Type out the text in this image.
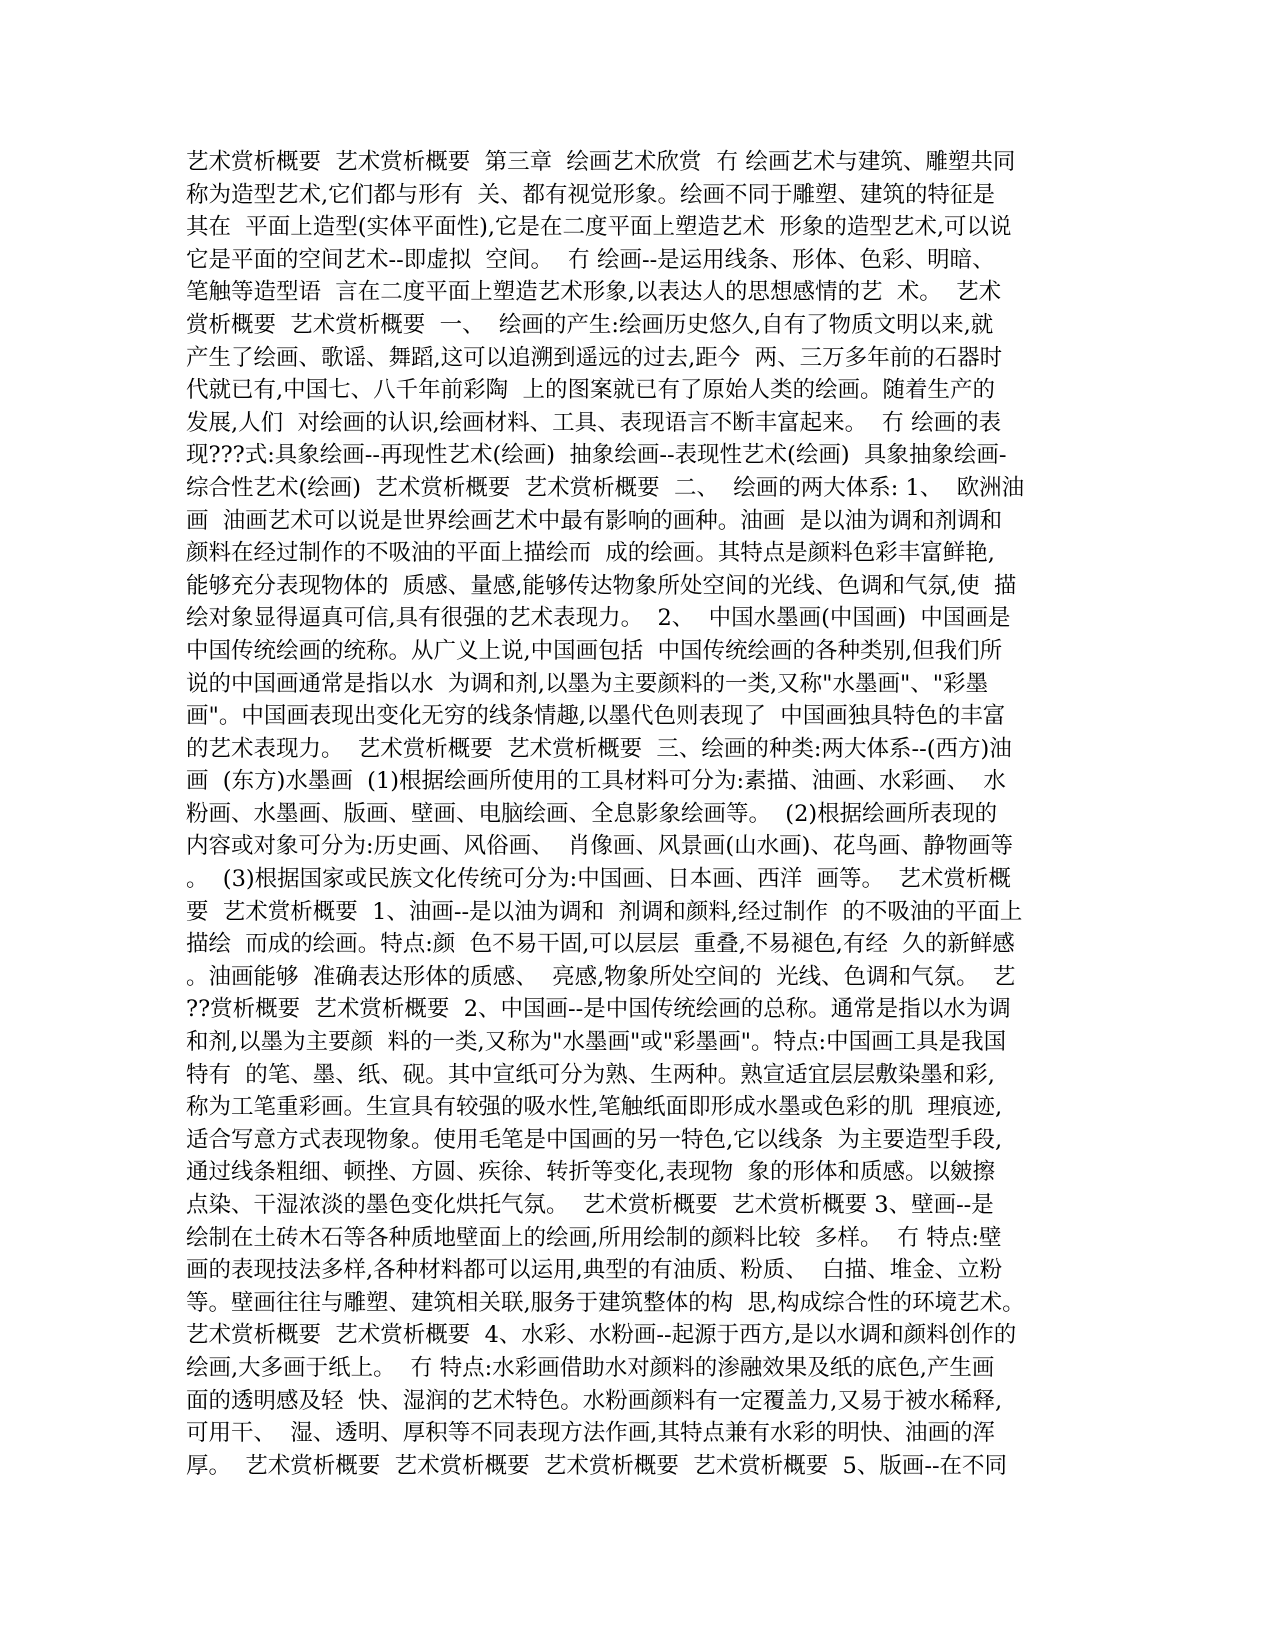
艺术赏析概要  艺术赏析概要  第三章  绘画艺术欣赏  冇 绘画艺术与建筑、雕塑共同
称为造型艺术,它们都与形有  关、都有视觉形象。绘画不同于雕塑、建筑的特征是
其在  平面上造型(实体平面性),它是在二度平面上塑造艺术  形象的造型艺术,可以说
它是平面的空间艺术--即虚拟  空间。  冇 绘画--是运用线条、形体、色彩、明暗、
笔触等造型语  言在二度平面上塑造艺术形象,以表达人的思想感情的艺  术。  艺术
赏析概要  艺术赏析概要  一、  绘画的产生:绘画历史悠久,自有了物质文明以来,就
产生了绘画、歌谣、舞蹈,这可以追溯到遥远的过去,距今  两、三万多年前的石器时
代就已有,中国七、八千年前彩陶  上的图案就已有了原始人类的绘画。随着生产的
发展,人们  对绘画的认识,绘画材料、工具、表现语言不断丰富起来。  冇 绘画的表
现???式:具象绘画--再现性艺术(绘画)  抽象绘画--表现性艺术(绘画)  具象抽象绘画-
综合性艺术(绘画)  艺术赏析概要  艺术赏析概要  二、  绘画的两大体系: 1、  欧洲油
画  油画艺术可以说是世界绘画艺术中最有影响的画种。油画  是以油为调和剂调和
颜料在经过制作的不吸油的平面上描绘而  成的绘画。其特点是颜料色彩丰富鲜艳,
能够充分表现物体的  质感、量感,能够传达物象所处空间的光线、色调和气氛,使  描
绘对象显得逼真可信,具有很强的艺术表现力。  2、  中国水墨画(中国画)  中国画是
中国传统绘画的统称。从广义上说,中国画包括  中国传统绘画的各种类别,但我们所
说的中国画通常是指以水  为调和剂,以墨为主要颜料的一类,又称"水墨画"、"彩墨
画"。中国画表现出变化无穷的线条情趣,以墨代色则表现了  中国画独具特色的丰富
的艺术表现力。  艺术赏析概要  艺术赏析概要  三、绘画的种类:两大体系--(西方)油
画  (东方)水墨画  (1)根据绘画所使用的工具材料可分为:素描、油画、水彩画、  水
粉画、水墨画、版画、壁画、电脑绘画、全息影象绘画等。  (2)根据绘画所表现的
内容或对象可分为:历史画、风俗画、  肖像画、风景画(山水画)、花鸟画、静物画等
。  (3)根据国家或民族文化传统可分为:中国画、日本画、西洋  画等。  艺术赏析概
要  艺术赏析概要  1、油画--是以油为调和  剂调和颜料,经过制作  的不吸油的平面上
描绘  而成的绘画。特点:颜  色不易干固,可以层层  重叠,不易褪色,有经  久的新鲜感
。油画能够  准确表达形体的质感、  亮感,物象所处空间的  光线、色调和气氛。  艺
??赏析概要  艺术赏析概要  2、中国画--是中国传统绘画的总称。通常是指以水为调
和剂,以墨为主要颜  料的一类,又称为"水墨画"或"彩墨画"。特点:中国画工具是我国
特有  的笔、墨、纸、砚。其中宣纸可分为熟、生两种。熟宣适宜层层敷染墨和彩,
称为工笔重彩画。生宣具有较强的吸水性,笔触纸面即形成水墨或色彩的肌  理痕迹,
适合写意方式表现物象。使用毛笔是中国画的另一特色,它以线条  为主要造型手段,
通过线条粗细、顿挫、方圆、疾徐、转折等变化,表现物  象的形体和质感。以皴擦
点染、干湿浓淡的墨色变化烘托气氛。  艺术赏析概要  艺术赏析概要 3、壁画--是
绘制在土砖木石等各种质地壁面上的绘画,所用绘制的颜料比较  多样。  冇 特点:壁
画的表现技法多样,各种材料都可以运用,典型的有油质、粉质、  白描、堆金、立粉
等。壁画往往与雕塑、建筑相关联,服务于建筑整体的构  思,构成综合性的环境艺术。
艺术赏析概要  艺术赏析概要  4、水彩、水粉画--起源于西方,是以水调和颜料创作的
绘画,大多画于纸上。  冇 特点:水彩画借助水对颜料的渗融效果及纸的底色,产生画
面的透明感及轻  快、湿润的艺术特色。水粉画颜料有一定覆盖力,又易于被水稀释,
可用干、  湿、透明、厚积等不同表现方法作画,其特点兼有水彩的明快、油画的浑
厚。  艺术赏析概要  艺术赏析概要  艺术赏析概要  艺术赏析概要  5、版画--在不同
